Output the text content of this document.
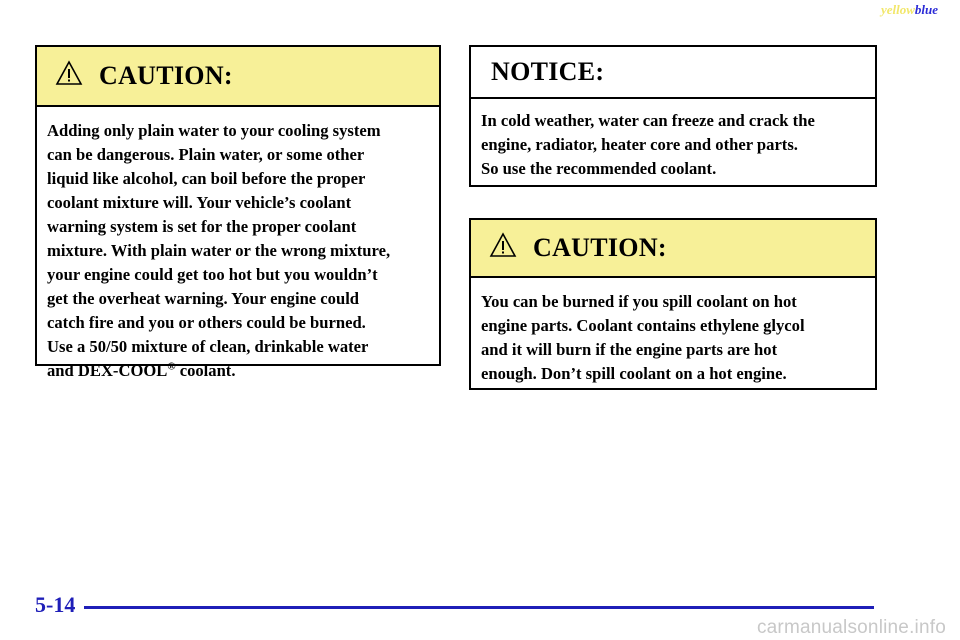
yellowblue
CAUTION:
Adding only plain water to your cooling system
can be dangerous. Plain water, or some other
liquid like alcohol, can boil before the proper
coolant mixture will. Your vehicle’s coolant
warning system is set for the proper coolant
mixture. With plain water or the wrong mixture,
your engine could get too hot but you wouldn’t
get the overheat warning. Your engine could
catch fire and you or others could be burned.
Use a 50/50 mixture of clean, drinkable water
and DEX-COOL® coolant.
NOTICE:
In cold weather, water can freeze and crack the
engine, radiator, heater core and other parts.
So use the recommended coolant.
CAUTION:
You can be burned if you spill coolant on hot
engine parts. Coolant contains ethylene glycol
and it will burn if the engine parts are hot
enough. Don’t spill coolant on a hot engine.
5-14
carmanualsonline.info
